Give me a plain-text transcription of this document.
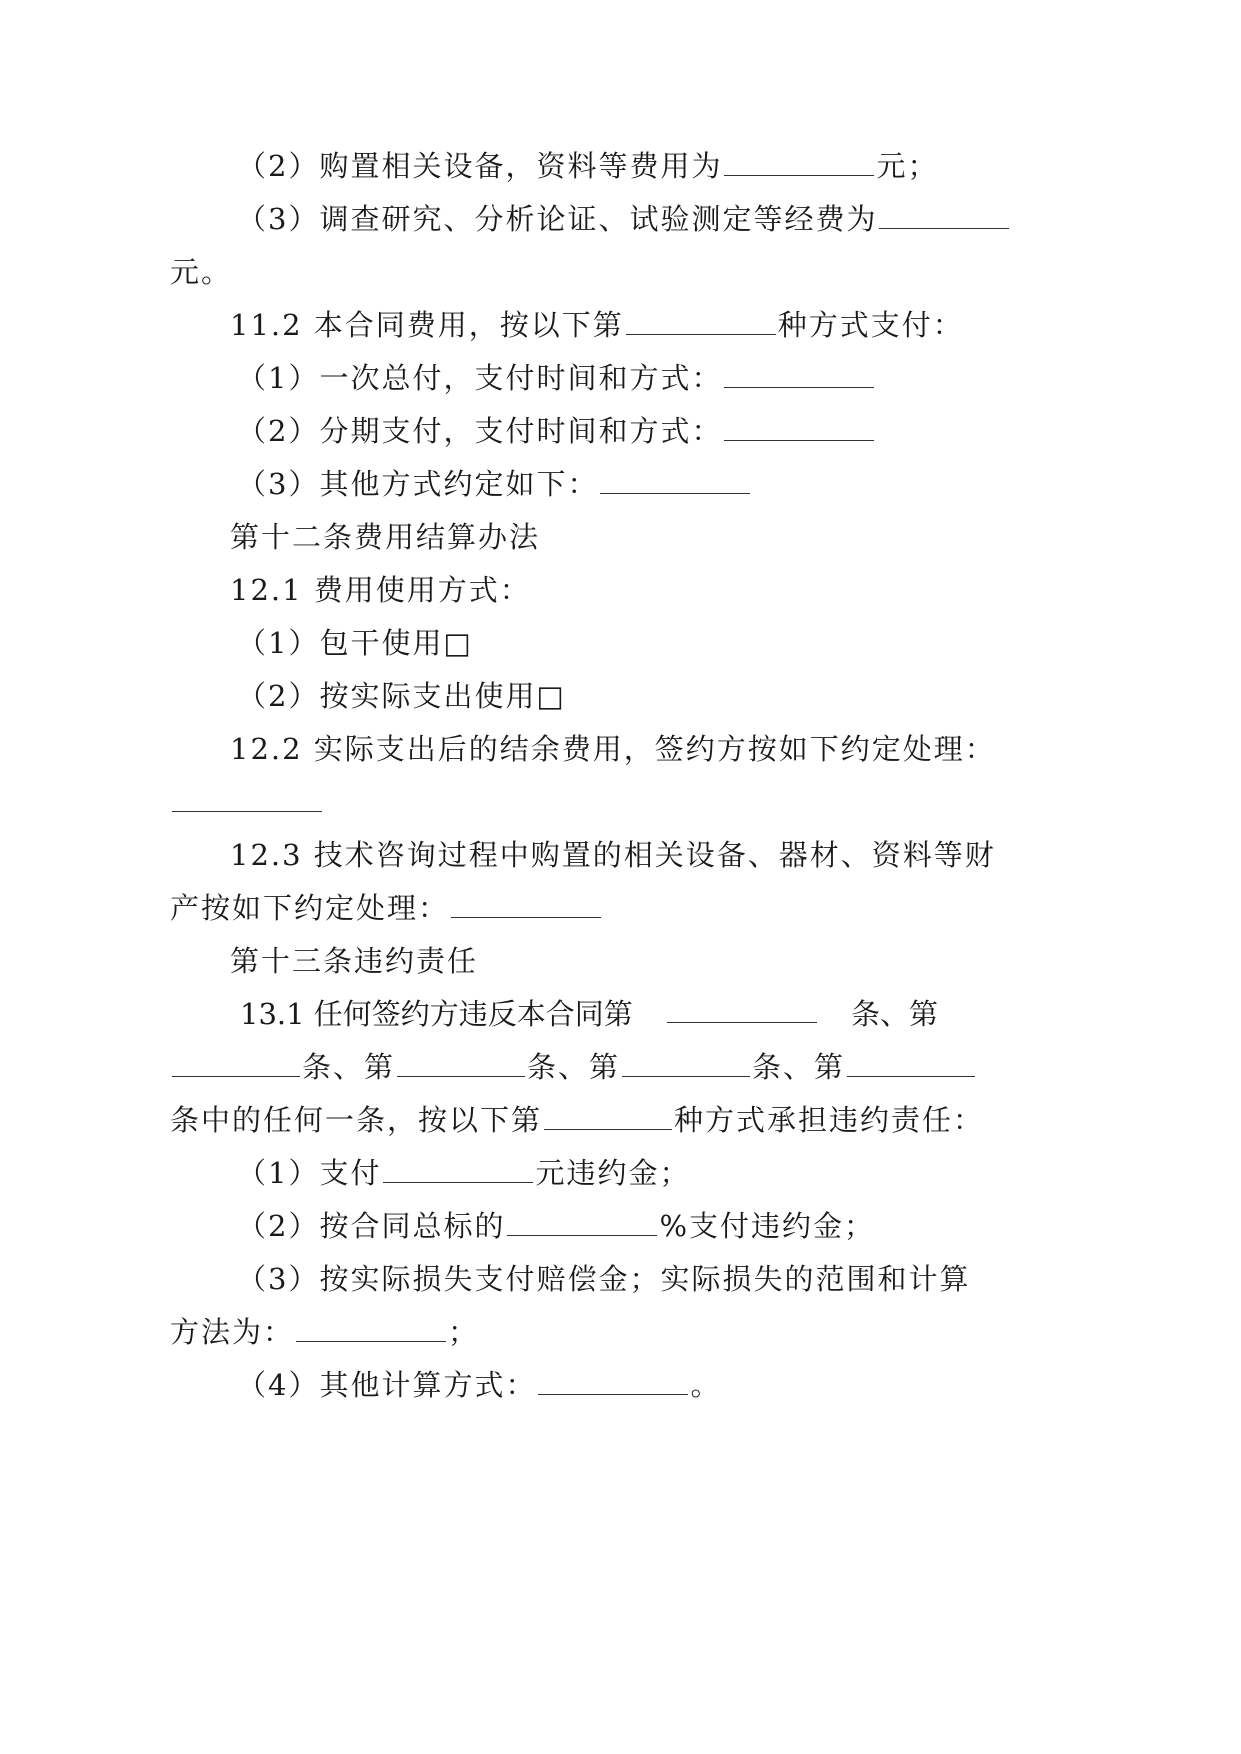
（2）购置相关设备，资料等费用为	元；
（3）调查研究、分析论证、试验测定等经费为
元。
11.2 本合同费用，按以下第	种方式支付：
（1）一次总付，支付时间和方式：
（2）分期支付，支付时间和方式：
（3）其他方式约定如下：
第十二条费用结算办法
12.1 费用使用方式：
（1）包干使用□
（2）按实际支出使用□
12.2 实际支出后的结余费用，签约方按如下约定处理：
12.3 技术咨询过程中购置的相关设备、器材、资料等财
产按如下约定处理：
第十三条违约责任
13.1 任何签约方违反本合同第	条、第
条、第	条、第	条、第
条中的任何一条，按以下第	种方式承担违约责任：
（1）支付	元违约金；
（2）按合同总标的	%支付违约金；
（3）按实际损失支付赔偿金；实际损失的范围和计算
方法为：	；
（4）其他计算方式：	。
